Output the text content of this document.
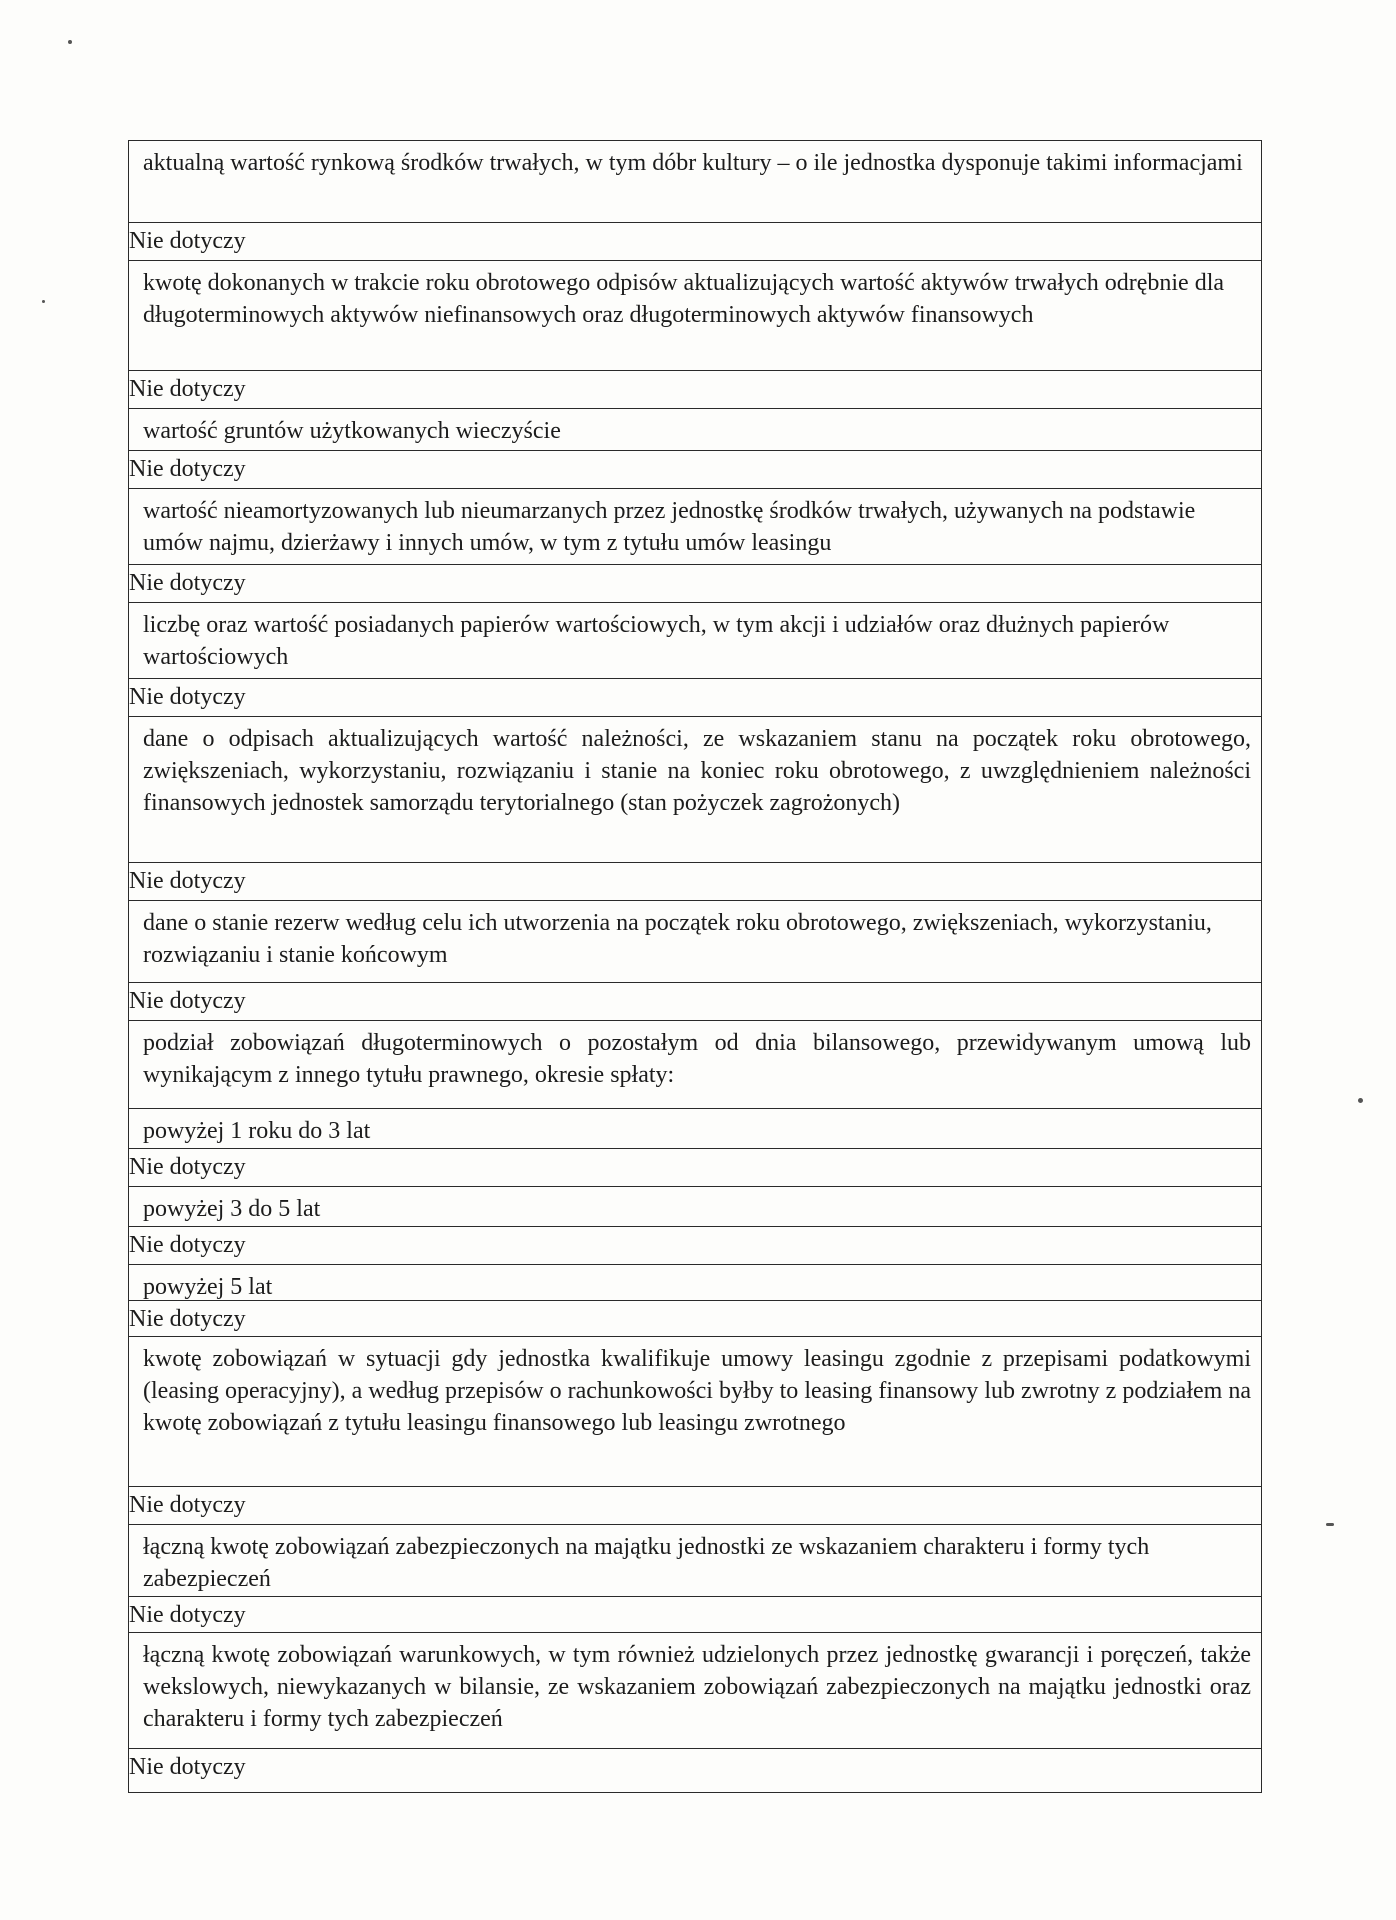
aktualną wartość rynkową środków trwałych, w tym dóbr kultury – o ile jednostka dysponuje takimi informacjami
Nie dotyczy
kwotę dokonanych w trakcie roku obrotowego odpisów aktualizujących wartość aktywów trwałych odrębnie dla długoterminowych aktywów niefinansowych oraz długoterminowych aktywów finansowych
Nie dotyczy
wartość gruntów użytkowanych wieczyście
Nie dotyczy
wartość nieamortyzowanych lub nieumarzanych przez jednostkę środków trwałych, używanych na podstawie umów najmu, dzierżawy i innych umów, w tym z tytułu umów leasingu
Nie dotyczy
liczbę oraz wartość posiadanych papierów wartościowych, w tym akcji i udziałów oraz dłużnych papierów wartościowych
Nie dotyczy
dane o odpisach aktualizujących wartość należności, ze wskazaniem stanu na początek roku obrotowego, zwiększeniach, wykorzystaniu, rozwiązaniu i stanie na koniec roku obrotowego, z uwzględnieniem należności finansowych jednostek samorządu terytorialnego (stan pożyczek zagrożonych)
Nie dotyczy
dane o stanie rezerw według celu ich utworzenia na początek roku obrotowego, zwiększeniach, wykorzystaniu, rozwiązaniu i stanie końcowym
Nie dotyczy
podział zobowiązań długoterminowych o pozostałym od dnia bilansowego, przewidywanym umową lub wynikającym z innego tytułu prawnego, okresie spłaty:
powyżej 1 roku do 3 lat
Nie dotyczy
powyżej 3 do 5 lat
Nie dotyczy
powyżej 5 lat
Nie dotyczy
kwotę zobowiązań w sytuacji gdy jednostka kwalifikuje umowy leasingu zgodnie z przepisami podatkowymi (leasing operacyjny), a według przepisów o rachunkowości byłby to leasing finansowy lub zwrotny z podziałem na kwotę zobowiązań z tytułu leasingu finansowego lub leasingu zwrotnego
Nie dotyczy
łączną kwotę zobowiązań zabezpieczonych na majątku jednostki ze wskazaniem charakteru i formy tych zabezpieczeń
Nie dotyczy
łączną kwotę zobowiązań warunkowych, w tym również udzielonych przez jednostkę gwarancji i poręczeń, także wekslowych, niewykazanych w bilansie, ze wskazaniem zobowiązań zabezpieczonych na majątku jednostki oraz charakteru i formy tych zabezpieczeń
Nie dotyczy
